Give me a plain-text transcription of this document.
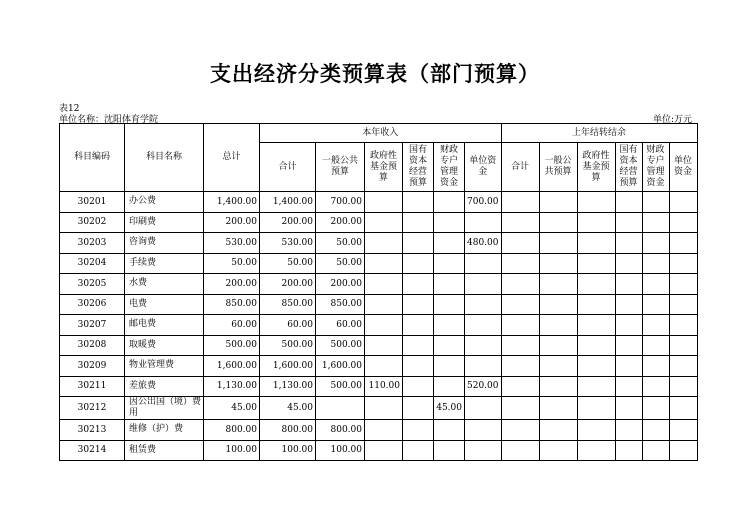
支出经济分类预算表（部门预算）
表12
单位名称：沈阳体育学院	单位:万元
科目编码	科目名称	总计	本年收入						上年结转结余					
			合计	一般公共预算	政府性基金预算	国有资本经营预算	财政专户管理资金	单位资金	合计	一般公共预算	政府性基金预算	国有资本经营预算	财政专户管理资金	单位资金
30201	办公费	1,400.00	1,400.00	700.00				700.00						
30202	印刷费	200.00	200.00	200.00										
30203	咨询费	530.00	530.00	50.00				480.00						
30204	手续费	50.00	50.00	50.00										
30205	水费	200.00	200.00	200.00										
30206	电费	850.00	850.00	850.00										
30207	邮电费	60.00	60.00	60.00										
30208	取暖费	500.00	500.00	500.00										
30209	物业管理费	1,600.00	1,600.00	1,600.00										
30211	差旅费	1,130.00	1,130.00	500.00	110.00			520.00						
30212	因公出国（境）费用	45.00	45.00				45.00							
30213	维修（护）费	800.00	800.00	800.00										
30214	租赁费	100.00	100.00	100.00										
